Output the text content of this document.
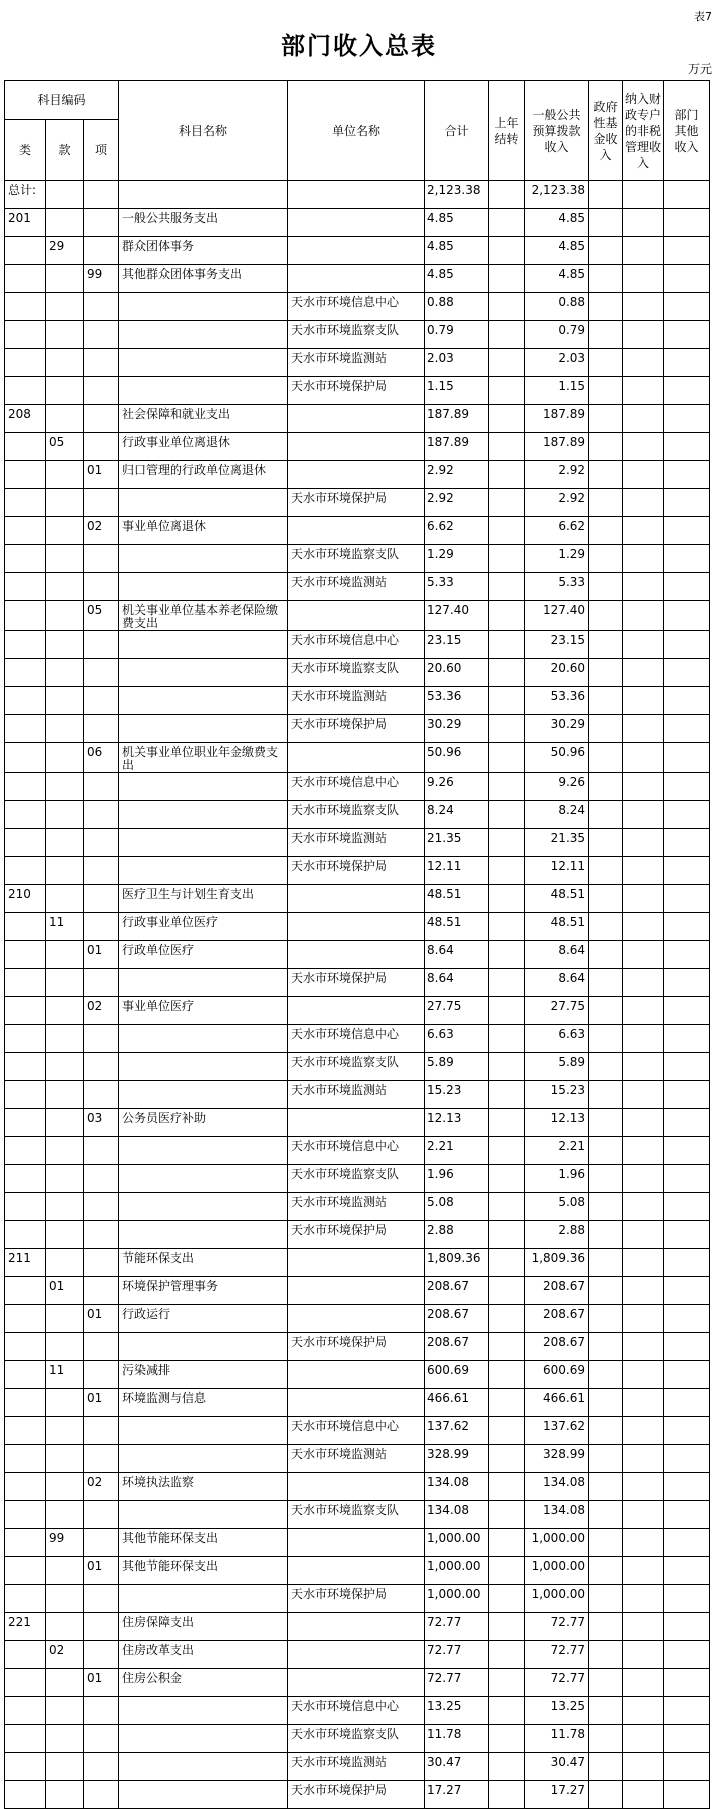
表7
部门收入总表
万元
科目编码			科目名称	单位名称	合计	上年结转	一般公共预算拨款收入	政府性基金收入	纳入财政专户的非税管理收入	部门其他收入

类	款	项								
总计:					2,123.38		2,123.38			
201			一般公共服务支出		4.85		4.85			
	29		群众团体事务		4.85		4.85			
		99	其他群众团体事务支出		4.85		4.85			
				天水市环境信息中心	0.88		0.88			
				天水市环境监察支队	0.79		0.79			
				天水市环境监测站	2.03		2.03			
				天水市环境保护局	1.15		1.15			
208			社会保障和就业支出		187.89		187.89			
	05		行政事业单位离退休		187.89		187.89			
		01	归口管理的行政单位离退休		2.92		2.92			
				天水市环境保护局	2.92		2.92			
		02	事业单位离退休		6.62		6.62			
				天水市环境监察支队	1.29		1.29			
				天水市环境监测站	5.33		5.33			
		05	机关事业单位基本养老保险缴费支出		127.40		127.40			
				天水市环境信息中心	23.15		23.15			
				天水市环境监察支队	20.60		20.60			
				天水市环境监测站	53.36		53.36			
				天水市环境保护局	30.29		30.29			
		06	机关事业单位职业年金缴费支出		50.96		50.96			
				天水市环境信息中心	9.26		9.26			
				天水市环境监察支队	8.24		8.24			
				天水市环境监测站	21.35		21.35			
				天水市环境保护局	12.11		12.11			
210			医疗卫生与计划生育支出		48.51		48.51			
	11		行政事业单位医疗		48.51		48.51			
		01	行政单位医疗		8.64		8.64			
				天水市环境保护局	8.64		8.64			
		02	事业单位医疗		27.75		27.75			
				天水市环境信息中心	6.63		6.63			
				天水市环境监察支队	5.89		5.89			
				天水市环境监测站	15.23		15.23			
		03	公务员医疗补助		12.13		12.13			
				天水市环境信息中心	2.21		2.21			
				天水市环境监察支队	1.96		1.96			
				天水市环境监测站	5.08		5.08			
				天水市环境保护局	2.88		2.88			
211			节能环保支出		1,809.36		1,809.36			
	01		环境保护管理事务		208.67		208.67			
		01	行政运行		208.67		208.67			
				天水市环境保护局	208.67		208.67			
	11		污染减排		600.69		600.69			
		01	环境监测与信息		466.61		466.61			
				天水市环境信息中心	137.62		137.62			
				天水市环境监测站	328.99		328.99			
		02	环境执法监察		134.08		134.08			
				天水市环境监察支队	134.08		134.08			
	99		其他节能环保支出		1,000.00		1,000.00			
		01	其他节能环保支出		1,000.00		1,000.00			
				天水市环境保护局	1,000.00		1,000.00			
221			住房保障支出		72.77		72.77			
	02		住房改革支出		72.77		72.77			
		01	住房公积金		72.77		72.77			
				天水市环境信息中心	13.25		13.25			
				天水市环境监察支队	11.78		11.78			
				天水市环境监测站	30.47		30.47			
				天水市环境保护局	17.27		17.27			
